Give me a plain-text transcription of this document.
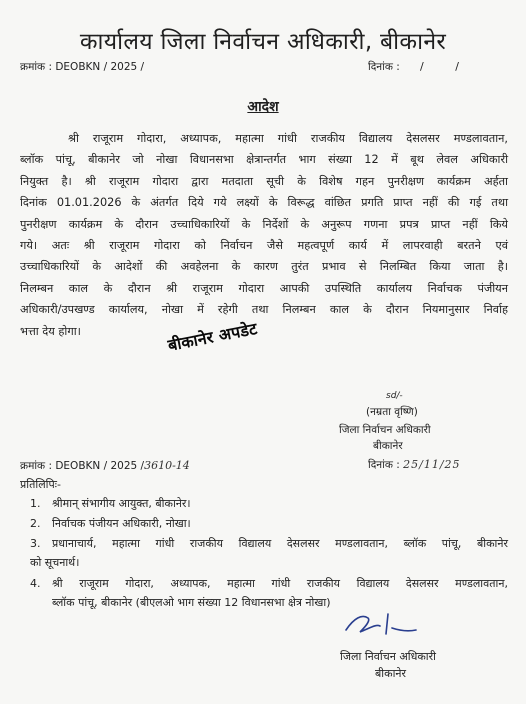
कार्यालय जिला निर्वाचन अधिकारी, बीकानेर
क्रमांक : DEOBKN / 2025 /	दिनांक : / /
आदेश
श्री राजूराम गोदारा, अध्यापक, महात्मा गांधी राजकीय विद्यालय देसलसर मण्डलावतान,
ब्लॉक पांचू, बीकानेर जो नोखा विधानसभा क्षेत्रान्तर्गत भाग संख्या 12 में बूथ लेवल अधिकारी
नियुक्त है। श्री राजूराम गोदारा द्वारा मतदाता सूची के विशेष गहन पुनरीक्षण कार्यक्रम अर्हता
दिनांक 01.01.2026 के अंतर्गत दिये गये लक्ष्यों के विरूद्ध वांछित प्रगति प्राप्त नहीं की गई तथा
पुनरीक्षण कार्यक्रम के दौरान उच्चाधिकारियों के निर्देशों के अनुरूप गणना प्रपत्र प्राप्त नहीं किये
गये। अतः श्री राजूराम गोदारा को निर्वाचन जैसे महत्वपूर्ण कार्य में लापरवाही बरतने एवं
उच्चाधिकारियों के आदेशों की अवहेलना के कारण तुरंत प्रभाव से निलम्बित किया जाता है।
निलम्बन काल के दौरान श्री राजूराम गोदारा आपकी उपस्थिति कार्यालय निर्वाचक पंजीयन
अधिकारी/उपखण्ड कार्यालय, नोखा में रहेगी तथा निलम्बन काल के दौरान नियमानुसार निर्वाह
भत्ता देय होगा।	बीकानेर अपडेट
sd/-
(नम्रता वृष्णि)
जिला निर्वाचन अधिकारी
बीकानेर
क्रमांक : DEOBKN / 2025 /3610-14	दिनांक : 25/11/25
प्रतिलिपिः-
1. श्रीमान् संभागीय आयुक्त, बीकानेर।
2. निर्वाचक पंजीयन अधिकारी, नोखा।
3. प्रधानाचार्य, महात्मा गांधी राजकीय विद्यालय देसलसर मण्डलावतान, ब्लॉक पांचू, बीकानेर
को सूचनार्थ।
4. श्री राजूराम गोदारा, अध्यापक, महात्मा गांधी राजकीय विद्यालय देसलसर मण्डलावतान,
ब्लॉक पांचू, बीकानेर (बीएलओ भाग संख्या 12 विधानसभा क्षेत्र नोखा)
जिला निर्वाचन अधिकारी
बीकानेर
